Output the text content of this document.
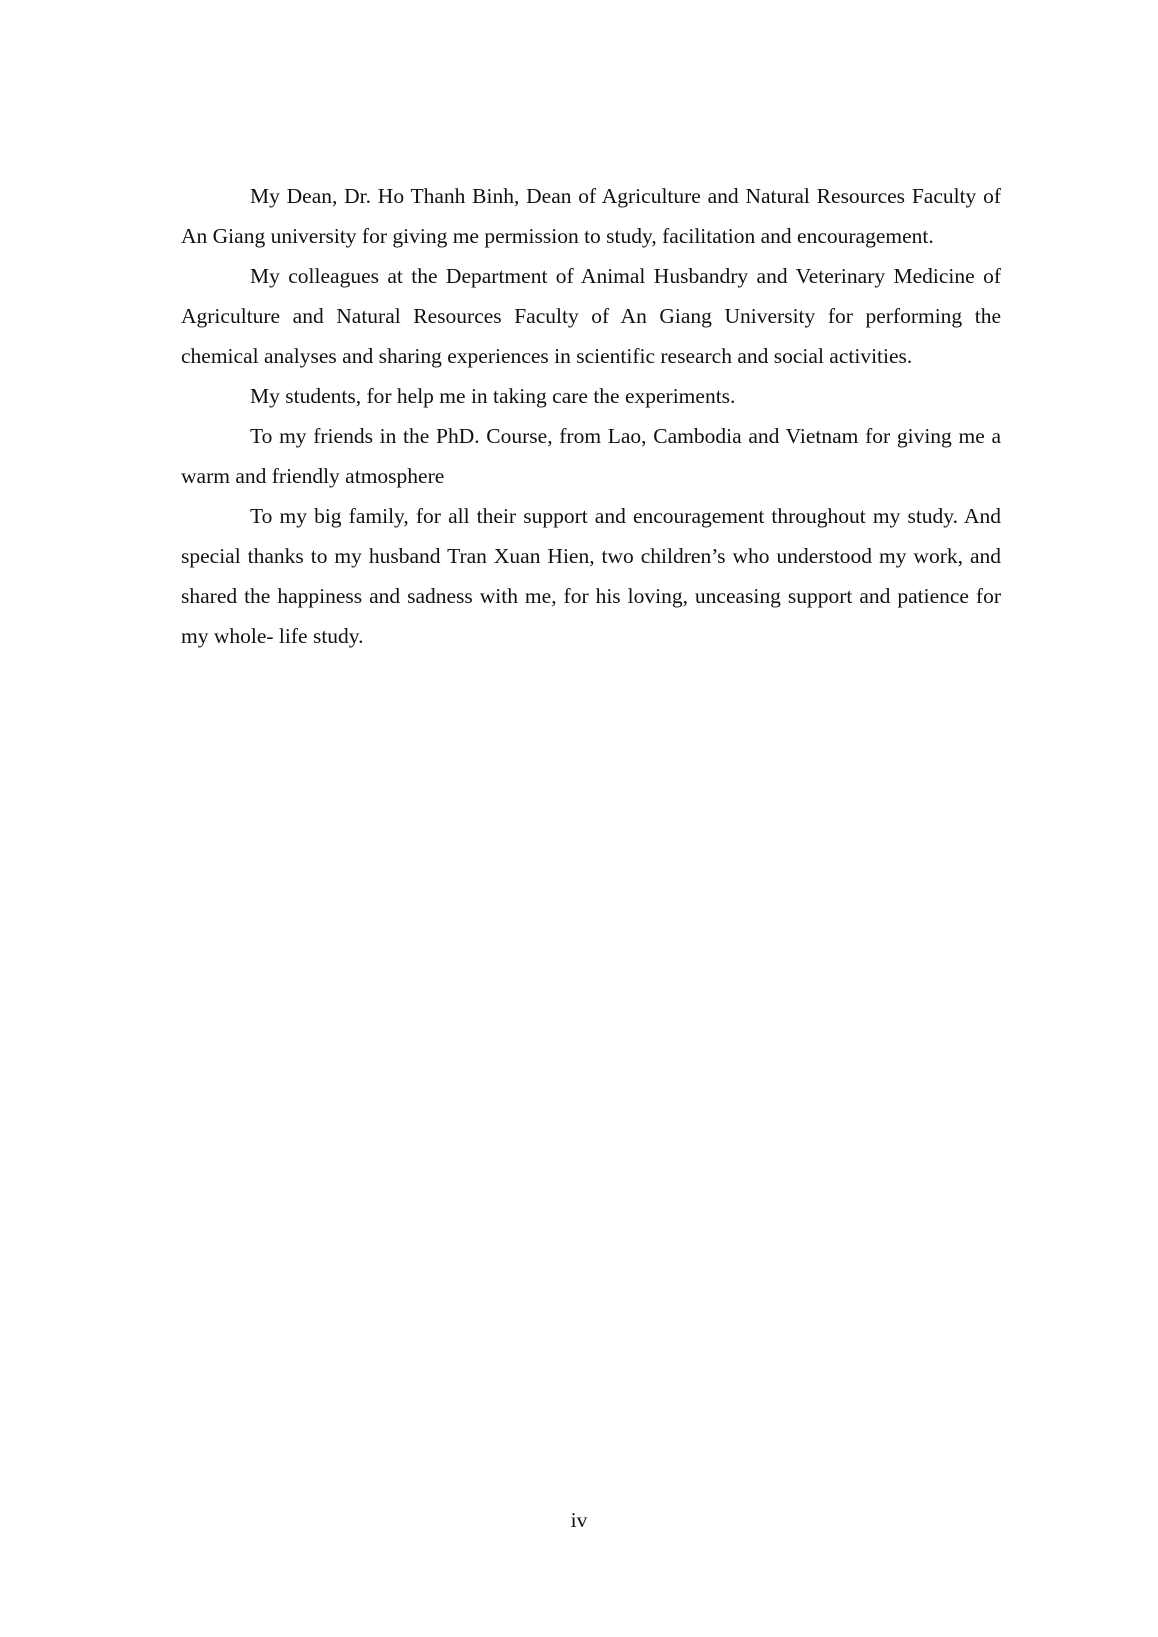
My Dean, Dr. Ho Thanh Binh, Dean of Agriculture and Natural Resources Faculty of An Giang university for giving me permission to study, facilitation and encouragement.

My colleagues at the Department of Animal Husbandry and Veterinary Medicine of Agriculture and Natural Resources Faculty of An Giang University for performing the chemical analyses and sharing experiences in scientific research and social activities.

My students, for help me in taking care the experiments.

To my friends in the PhD. Course, from Lao, Cambodia and Vietnam for giving me a warm and friendly atmosphere

To my big family, for all their support and encouragement throughout my study. And special thanks to my husband Tran Xuan Hien, two children’s who understood my work, and shared the happiness and sadness with me, for his loving, unceasing support and patience for my whole- life study.

iv
